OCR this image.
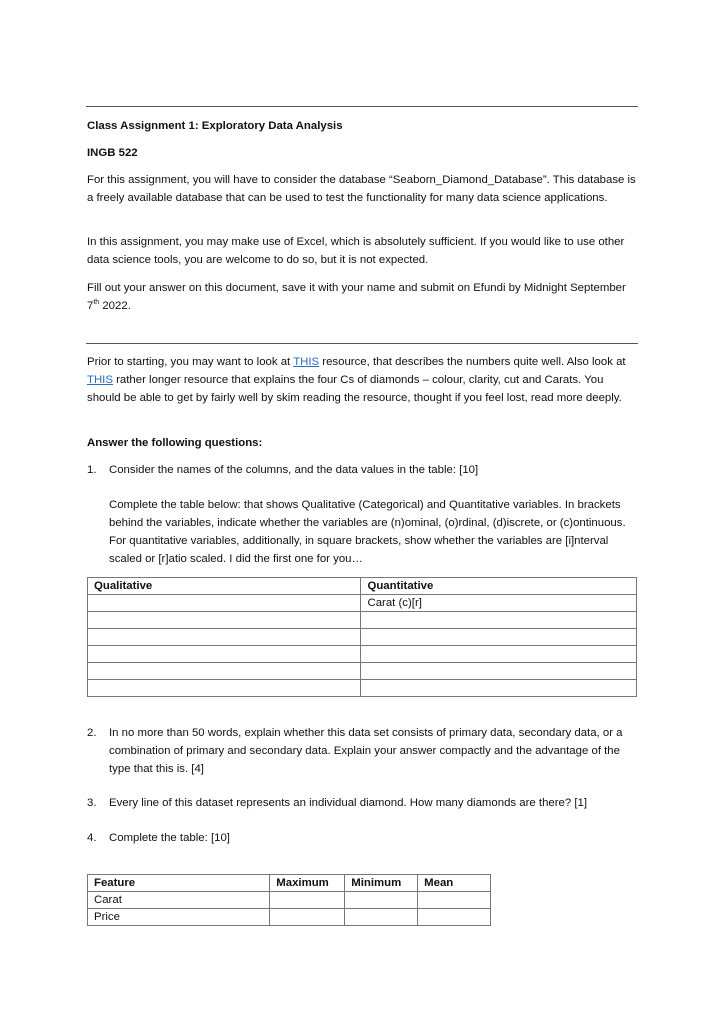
Class Assignment 1: Exploratory Data Analysis

INGB 522

For this assignment, you will have to consider the database “Seaborn_Diamond_Database”. This database is a freely available database that can be used to test the functionality for many data science applications.

In this assignment, you may make use of Excel, which is absolutely sufficient. If you would like to use other data science tools, you are welcome to do so, but it is not expected.

Fill out your answer on this document, save it with your name and submit on Efundi by Midnight September 7th 2022.

Prior to starting, you may want to look at THIS resource, that describes the numbers quite well. Also look at THIS rather longer resource that explains the four Cs of diamonds – colour, clarity, cut and Carats. You should be able to get by fairly well by skim reading the resource, thought if you feel lost, read more deeply.

Answer the following questions:

1. Consider the names of the columns, and the data values in the table: [10]

Complete the table below: that shows Qualitative (Categorical) and Quantitative variables. In brackets behind the variables, indicate whether the variables are (n)ominal, (o)rdinal, (d)iscrete, or (c)ontinuous. For quantitative variables, additionally, in square brackets, show whether the variables are [i]nterval scaled or [r]atio scaled. I did the first one for you…

Qualitative	Quantitative
	Carat (c)[r]

2. In no more than 50 words, explain whether this data set consists of primary data, secondary data, or a combination of primary and secondary data. Explain your answer compactly and the advantage of the type that this is. [4]

3. Every line of this dataset represents an individual diamond. How many diamonds are there? [1]

4. Complete the table: [10]

Feature	Maximum	Minimum	Mean
Carat			
Price			
